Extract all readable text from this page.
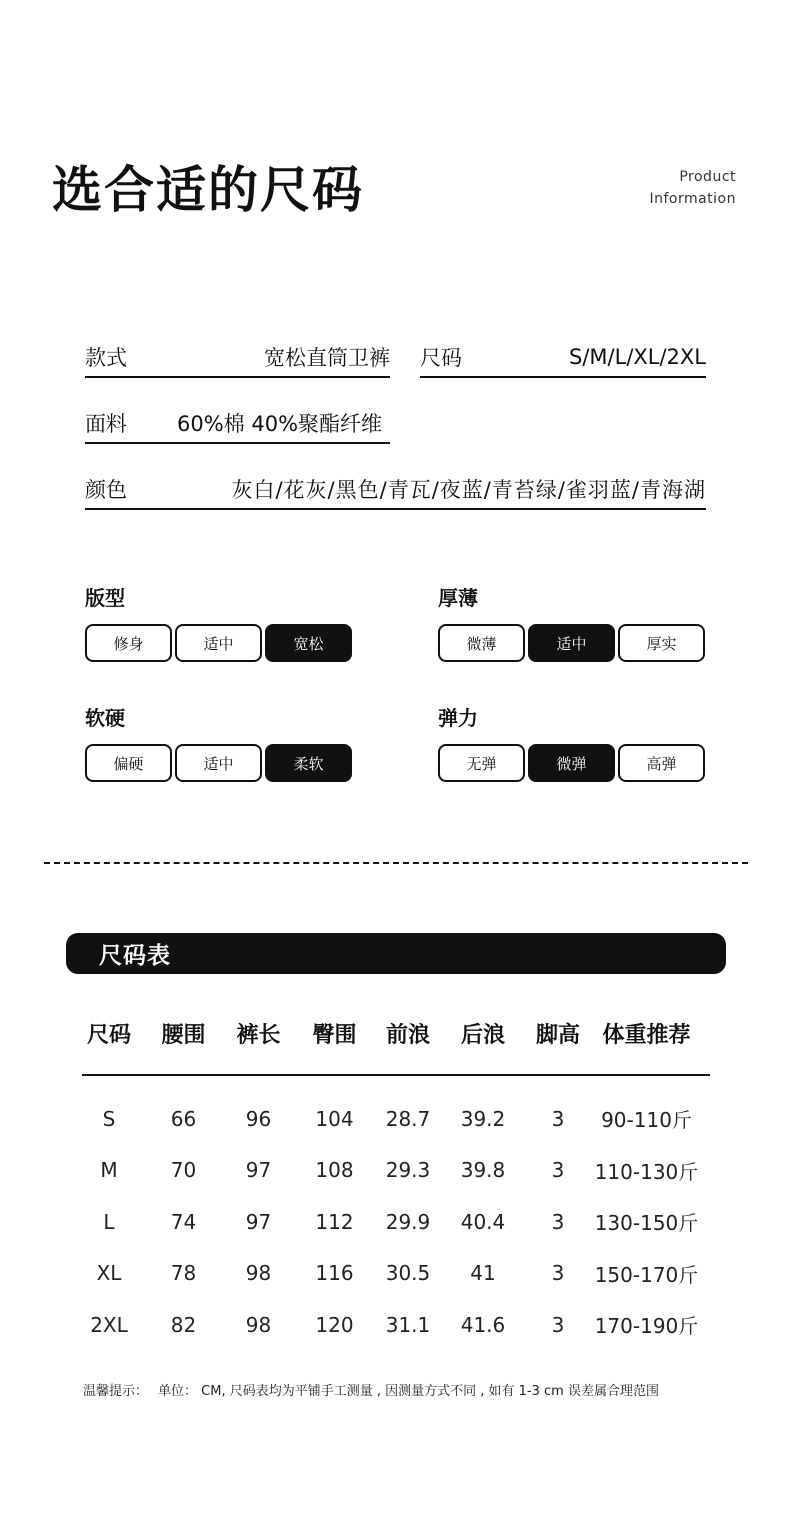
选合适的尺码	Product
Information
款式	宽松直筒卫裤 尺码	S/M/L/XL/2XL
面料 60%棉 40%聚酯纤维
颜色	灰白/花灰/黑色/青瓦/夜蓝/青苔绿/雀羽蓝/青海湖
版型
修身	适中	宽松
厚薄
微薄	适中	厚实
软硬
偏硬	适中	柔软
弹力
无弹	微弹	高弹
尺码表
尺码	腰围	裤长	臀围	前浪	后浪	脚高	体重推荐
S	66	96	104	28.7	39.2	3	90-110斤
M	70	97	108	29.3	39.8	3	110-130斤
L	74	97	112	29.9	40.4	3	130-150斤
XL	78	98	116	30.5	41	3	150-170斤
2XL	82	98	120	31.1	41.6	3	170-190斤
温馨提示： 单位： CM, 尺码表均为平铺手工测量 , 因测量方式不同 , 如有 1-3 cm 误差属合理范围
